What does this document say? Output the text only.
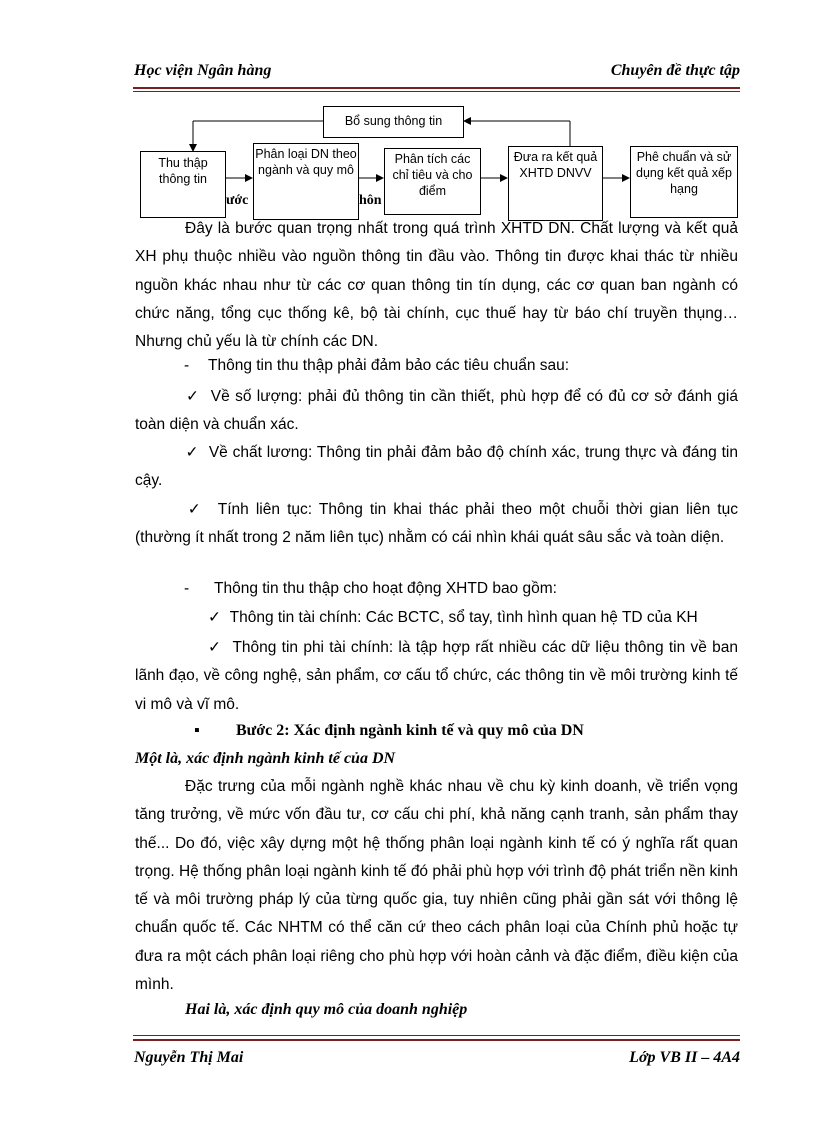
Học viện Ngân hàng	Chuyên đề thực tập
Bổ sung thông tin
ước	hôn
Thu thập thông tin
Phân loại DN theo ngành và quy mô
Phân tích các chỉ tiêu và cho điểm
Đưa ra kết quả XHTD DNVV
Phê chuẩn và sử dụng kết quả xếp hạng
Đây là bước quan trọng nhất trong quá trình XHTD DN. Chất lượng và kết quả XH phụ thuộc nhiều vào nguồn thông tin đầu vào. Thông tin được khai thác từ nhiều nguồn khác nhau như từ các cơ quan thông tin tín dụng, các cơ quan ban ngành có chức năng, tổng cục thống kê, bộ tài chính, cục thuế hay từ báo chí truyền thụng… Nhưng chủ yếu là từ chính các DN.
- Thông tin thu thập phải đảm bảo các tiêu chuẩn sau:
✓ Về số lượng: phải đủ thông tin cần thiết, phù hợp để có đủ cơ sở đánh giá toàn diện và chuẩn xác.
✓ Về chất lương: Thông tin phải đảm bảo độ chính xác, trung thực và đáng tin cậy.
✓ Tính liên tục: Thông tin khai thác phải theo một chuỗi thời gian liên tục (thường ít nhất trong 2 năm liên tục) nhằm có cái nhìn khái quát sâu sắc và toàn diện.
- Thông tin thu thập cho hoạt động XHTD bao gồm:
✓ Thông tin tài chính: Các BCTC, sổ tay, tình hình quan hệ TD của KH
✓ Thông tin phi tài chính: là tập hợp rất nhiều các dữ liệu thông tin về ban lãnh đạo, về công nghệ, sản phẩm, cơ cấu tổ chức, các thông tin về môi trường kinh tế vi mô và vĩ mô.
▪ Bước 2: Xác định ngành kinh tế và quy mô của DN
Một là, xác định ngành kinh tế của DN
Đặc trưng của mỗi ngành nghề khác nhau về chu kỳ kinh doanh, về triển vọng tăng trưởng, về mức vốn đầu tư, cơ cấu chi phí, khả năng cạnh tranh, sản phẩm thay thế... Do đó, việc xây dựng một hệ thống phân loại ngành kinh tế có ý nghĩa rất quan trọng. Hệ thống phân loại ngành kinh tế đó phải phù hợp với trình độ phát triển nền kinh tế và môi trường pháp lý của từng quốc gia, tuy nhiên cũng phải gần sát với thông lệ chuẩn quốc tế. Các NHTM có thể căn cứ theo cách phân loại của Chính phủ hoặc tự đưa ra một cách phân loại riêng cho phù hợp với hoàn cảnh và đặc điểm, điều kiện của mình.
Hai là, xác định quy mô của doanh nghiệp
Nguyễn Thị Mai	Lớp VB II – 4A4
